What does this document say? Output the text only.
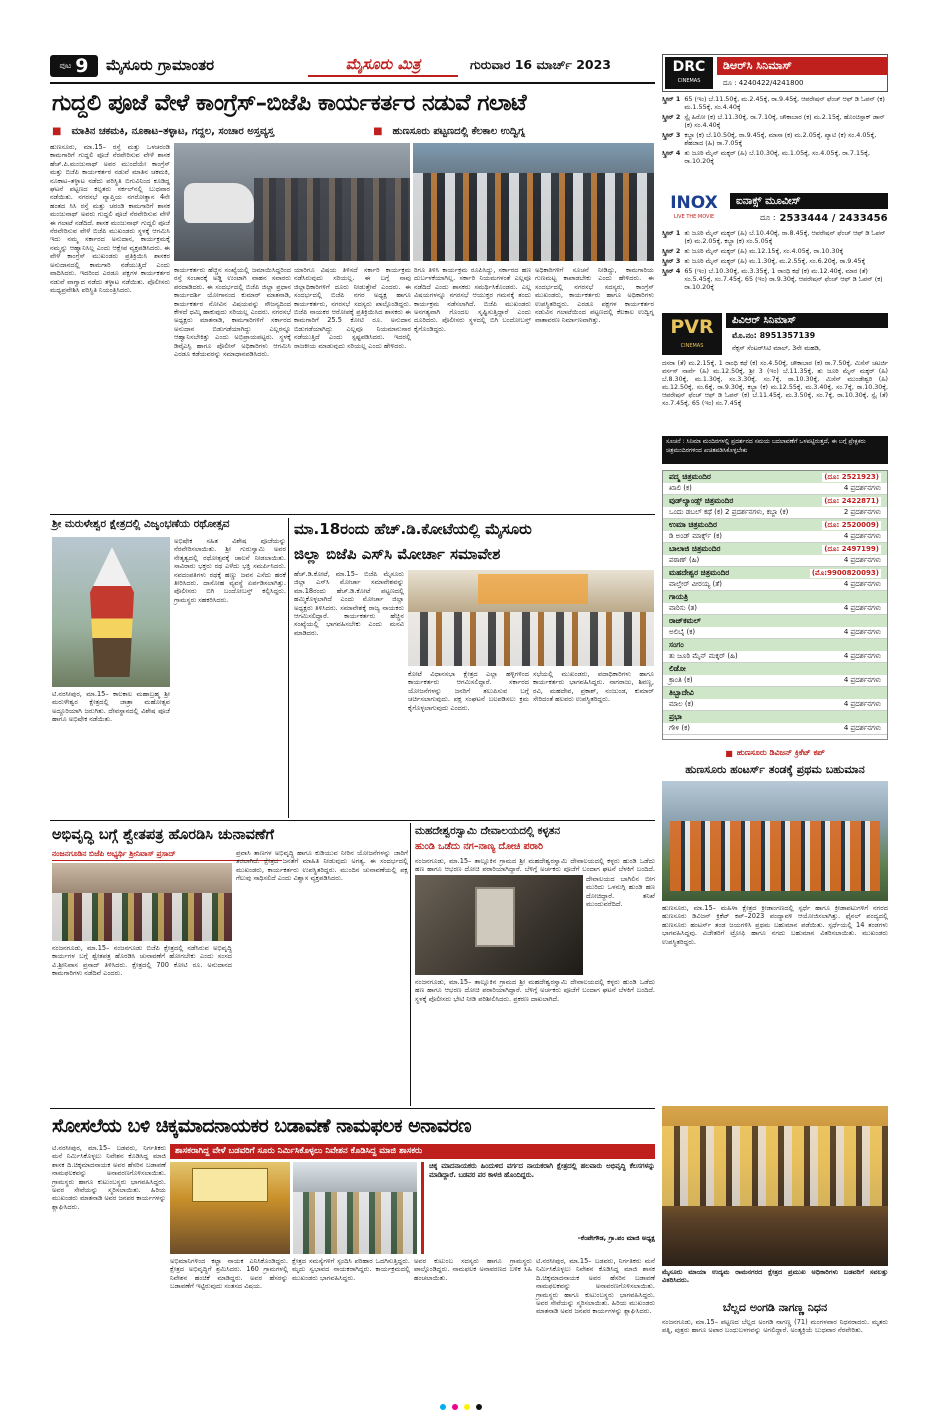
ಪುಟ 9 ಮೈಸೂರು ಗ್ರಾಮಾಂತರ	ಮೈಸೂರು ಮಿತ್ರ	ಗುರುವಾರ 16 ಮಾರ್ಚ್ 2023
ಗುದ್ದಲಿ ಪೂಜೆ ವೇಳೆ ಕಾಂಗ್ರೆಸ್–ಬಿಜೆಪಿ ಕಾರ್ಯಕರ್ತರ ನಡುವೆ ಗಲಾಟೆ
■ ಮಾತಿನ ಚಕಮಕಿ, ನೂಕಾಟ–ತಳ್ಳಾಟ, ಗದ್ದಲ, ಸಂಚಾರ ಅಸ್ತವ್ಯಸ್ತ	■ ಹುಣಸೂರು ಪಟ್ಟಣದಲ್ಲಿ ಕೆಲಕಾಲ ಉದ್ವಿಗ್ನ
ಹುಣಸೂರು, ಮಾ.15– ರಸ್ತೆ ಮತ್ತು ಒಳಚರಂಡಿ ಕಾಮಗಾರಿಗೆ ಗುದ್ದಲಿ ಪೂಜೆ ನೆರವೇರಿಸುವ ವೇಳೆ ಶಾಸಕ ಹೆಚ್.ಪಿ.ಮಂಜುನಾಥ್ ಅವರ ಮುಂದೆಯೇ ಕಾಂಗ್ರೆಸ್ ಮತ್ತು ಬಿಜೆಪಿ ಕಾರ್ಯಕರ್ತರ ನಡುವೆ ಮಾತಿನ ಚಕಮಕಿ, ನೂಕಾಟ–ತಳ್ಳಾಟ ನಡೆದು ಪರಿಸ್ಥಿತಿ ಬಿಗುವಿನಿಂದ ಕೂಡಿದ್ದ ಘಟನೆ ಪಟ್ಟಣದ ಕಲ್ಪತರು ಸರ್ಕಲ್‌ನಲ್ಲಿ ಬುಧವಾರ ನಡೆಯಿತು. ನಗರಸಭೆ ವ್ಯಾಪ್ತಿಯ ನಗರೋತ್ಥಾನ 4ನೇ ಹಂತದ ಸಿಸಿ ರಸ್ತೆ ಮತ್ತು ಚರಂಡಿ ಕಾಮಗಾರಿಗೆ ಶಾಸಕ ಮಂಜುನಾಥ್ ಅವರು ಗುದ್ದಲಿ ಪೂಜೆ ನೆರವೇರಿಸುವ ವೇಳೆ ಈ ಗಲಾಟೆ ನಡೆದಿದೆ. ಶಾಸಕ ಮಂಜುನಾಥ್ ಗುದ್ದಲಿ ಪೂಜೆ ನೆರವೇರಿಸುವ ವೇಳೆ ಬಿಜೆಪಿ ಮುಖಂಡರು ಸ್ಥಳಕ್ಕೆ ಆಗಮಿಸಿ ಇದು ನಮ್ಮ ಸರ್ಕಾರದ ಅನುದಾನ, ಕಾರ್ಯಕ್ರಮಕ್ಕೆ ನಮ್ಮನ್ನು ಆಹ್ವಾನಿಸಿಲ್ಲ ಎಂದು ಆಕ್ಷೇಪ ವ್ಯಕ್ತಪಡಿಸಿದರು. ಈ ವೇಳೆ ಕಾಂಗ್ರೆಸ್ ಮುಖಂಡರು ಪ್ರತಿಕ್ರಿಯಿಸಿ ಶಾಸಕರ ಅನುದಾನದಲ್ಲಿ ಕಾಮಗಾರಿ ನಡೆಯುತ್ತಿದೆ ಎಂದು ವಾದಿಸಿದರು. ಇದರಿಂದ ಎರಡೂ ಪಕ್ಷಗಳ ಕಾರ್ಯಕರ್ತರ ನಡುವೆ ವಾಗ್ವಾದ ನಡೆದು ತಳ್ಳಾಟ ನಡೆಯಿತು. ಪೊಲೀಸರು ಮಧ್ಯಪ್ರವೇಶಿಸಿ ಪರಿಸ್ಥಿತಿ ನಿಯಂತ್ರಿಸಿದರು.
ಕಾರ್ಯಕರ್ತರು ಹೆಚ್ಚಿನ ಸಂಖ್ಯೆಯಲ್ಲಿ ಜಮಾಯಿಸಿದ್ದರಿಂದ ರಸ್ತೆ ಸಂಚಾರಕ್ಕೆ ಅಡ್ಡಿ ಉಂಟಾಗಿ ವಾಹನ ಸವಾರರು ಪರದಾಡಿದರು. ಈ ಸಂದರ್ಭದಲ್ಲಿ ಬಿಜೆಪಿ ಜಿಲ್ಲಾ ಪ್ರಧಾನ ಕಾರ್ಯದರ್ಶಿ ಯೋಗಾನಂದ ಕುಮಾರ್ ಮಾತನಾಡಿ, ಕಾರ್ಯಕರ್ತರ ನೋವಿನ ವಿಷಯವನ್ನು ಸೌಜನ್ಯದಿಂದ ಕೇಳದೆ ಧಮ್ಕಿ ಹಾಕುವುದು ಸರಿಯಲ್ಲ ಎಂದರು. ನಗರಸಭೆ ಅಧ್ಯಕ್ಷರು ಮಾತನಾಡಿ, ಕಾಮಗಾರಿಗಳಿಗೆ ಸರ್ಕಾರದ ಅನುದಾನ ಬಿಡುಗಡೆಯಾಗಿದ್ದು ಎಲ್ಲರನ್ನೂ ಆಹ್ವಾನಿಸಬೇಕಿತ್ತು ಎಂದು ಅಭಿಪ್ರಾಯಪಟ್ಟರು. ಸ್ಥಳಕ್ಕೆ ಡಿವೈಎಸ್ಪಿ ಹಾಗೂ ಪೊಲೀಸ್ ಅಧಿಕಾರಿಗಳು ಆಗಮಿಸಿ ಎರಡೂ ಕಡೆಯವರನ್ನು ಸಮಾಧಾನಪಡಿಸಿದರು.
ಯಾರಿಗೂ ವಿಷಯ ತಿಳಿಸದೆ ಸರ್ಕಾರಿ ಕಾರ್ಯಕ್ರಮ ನಡೆಸಿರುವುದು ಸರಿಯಲ್ಲ. ಈ ಬಗ್ಗೆ ನಾವು ಜಿಲ್ಲಾಧಿಕಾರಿಗಳಿಗೆ ದೂರು ನೀಡುತ್ತೇವೆ ಎಂದರು. ಈ ಸಂದರ್ಭದಲ್ಲಿ ಬಿಜೆಪಿ ನಗರ ಅಧ್ಯಕ್ಷ ಹಾಗೂ ಕಾರ್ಯಕರ್ತರು, ನಗರಸಭೆ ಸದಸ್ಯರು ಪಾಲ್ಗೊಂಡಿದ್ದರು. ಬಿಜೆಪಿ ನಾಯಕರ ಆರೋಪಕ್ಕೆ ಪ್ರತಿಕ್ರಿಯಿಸಿದ ಶಾಸಕರು ಈ ಕಾಮಗಾರಿಗೆ 25.5 ಕೋಟಿ ರೂ. ಅನುದಾನ ಬಿಡುಗಡೆಯಾಗಿದ್ದು ಎಲ್ಲವೂ ನಿಯಮಾನುಸಾರ ನಡೆಯುತ್ತಿದೆ ಎಂದು ಸ್ಪಷ್ಟಪಡಿಸಿದರು. ಇದರಲ್ಲಿ ರಾಜಕೀಯ ಮಾಡುವುದು ಸರಿಯಲ್ಲ ಎಂದು ಹೇಳಿದರು.
ರಿಗೂ ತಿಳಿಸಿ ಕಾರ್ಯಕ್ರಮ ರೂಪಿಸಿದ್ದು, ಸರ್ಕಾರದ ಹಣ ದುರ್ಬಳಕೆಯಾಗಿಲ್ಲ. ಸರ್ಕಾರಿ ನಿಯಮಗಳಂತೆ ಎಲ್ಲವೂ ನಡೆದಿದೆ ಎಂದು ಶಾಸಕರು ಸಮರ್ಥಿಸಿಕೊಂಡರು. ಎಲ್ಲ ವಿಷಯಗಳನ್ನೂ ನಗರಸಭೆ ಆಯುಕ್ತರ ಗಮನಕ್ಕೆ ತಂದು ಕಾರ್ಯಕ್ರಮ ನಡೆಸಲಾಗಿದೆ. ಬಿಜೆಪಿ ಮುಖಂಡರು ಅನಗತ್ಯವಾಗಿ ಗೊಂದಲ ಸೃಷ್ಟಿಸುತ್ತಿದ್ದಾರೆ ಎಂದು ದೂರಿದರು. ಪೊಲೀಸರು ಸ್ಥಳದಲ್ಲಿ ಬಿಗಿ ಬಂದೋಬಸ್ತ್ ಕೈಗೊಂಡಿದ್ದರು.
ಅಧಿಕಾರಿಗಳಿಗೆ ಸೂಚನೆ ನೀಡಿದ್ದು, ಕಾಮಗಾರಿಯ ಗುಣಮಟ್ಟ ಕಾಪಾಡಬೇಕು ಎಂದು ಹೇಳಿದರು. ಈ ಸಂದರ್ಭದಲ್ಲಿ ನಗರಸಭೆ ಸದಸ್ಯರು, ಕಾಂಗ್ರೆಸ್ ಮುಖಂಡರು, ಕಾರ್ಯಕರ್ತರು ಹಾಗೂ ಅಧಿಕಾರಿಗಳು ಉಪಸ್ಥಿತರಿದ್ದರು. ಎರಡೂ ಪಕ್ಷಗಳ ಕಾರ್ಯಕರ್ತರ ನಡುವಿನ ಗಲಾಟೆಯಿಂದ ಪಟ್ಟಣದಲ್ಲಿ ಕೆಲಕಾಲ ಉದ್ವಿಗ್ನ ವಾತಾವರಣ ನಿರ್ಮಾಣವಾಗಿತ್ತು.
ಶ್ರೀ ಮರುಳೇಶ್ವರ ಕ್ಷೇತ್ರದಲ್ಲಿ ವಿಜೃಂಭಣೆಯ ರಥೋತ್ಸವ
ಟಿ.ನರಸೀಪುರ, ಮಾ.15– ಕಾಲಕಾಲ ಮಹಾಬ್ರಹ್ಮ ಶ್ರೀ ಮರುಳೇಶ್ವರ ಕ್ಷೇತ್ರದಲ್ಲಿ ಜಾತ್ರಾ ಮಹೋತ್ಸವ ಅದ್ದೂರಿಯಾಗಿ ಜರುಗಿತು. ದೇವಸ್ಥಾನದಲ್ಲಿ ವಿಶೇಷ ಪೂಜೆ ಹಾಗೂ ಅಭಿಷೇಕ ನಡೆಯಿತು.
ಅಭಿಷೇಕ ಸಹಿತ ವಿಶೇಷ ಪೂಜೆಯನ್ನು ನೆರವೇರಿಸಲಾಯಿತು. ಶ್ರೀ ಗುರುಸ್ವಾಮಿ ಅವರ ನೇತೃತ್ವದಲ್ಲಿ ರಥೋತ್ಸವಕ್ಕೆ ಚಾಲನೆ ನೀಡಲಾಯಿತು. ಸಾವಿರಾರು ಭಕ್ತರು ರಥ ಎಳೆದು ಭಕ್ತಿ ಸಮರ್ಪಿಸಿದರು. ನವದಂಪತಿಗಳು ರಥಕ್ಕೆ ಹಣ್ಣು ಜವನ ಎಸೆದು ಹರಕೆ ತೀರಿಸಿದರು. ದಾಸೋಹ ವ್ಯವಸ್ಥೆ ಏರ್ಪಡಿಸಲಾಗಿತ್ತು. ಪೊಲೀಸರು ಬಿಗಿ ಬಂದೋಬಸ್ತ್ ಕಲ್ಪಿಸಿದ್ದರು. ಗ್ರಾಮಸ್ಥರು ಸಹಕರಿಸಿದರು.
ಮಾ.18ರಂದು ಹೆಚ್.ಡಿ.ಕೋಟೆಯಲ್ಲಿ ಮೈಸೂರು
ಜಿಲ್ಲಾ ಬಿಜೆಪಿ ಎಸ್‌ಸಿ ಮೋರ್ಚಾ ಸಮಾವೇಶ
ಹೆಚ್.ಡಿ.ಕೋಟೆ, ಮಾ.15– ಬಿಜೆಪಿ ಮೈಸೂರು ಜಿಲ್ಲಾ ಎಸ್‌ಸಿ ಮೋರ್ಚಾ ಸಮಾವೇಶವನ್ನು ಮಾ.18ರಂದು ಹೆಚ್.ಡಿ.ಕೋಟೆ ಪಟ್ಟಣದಲ್ಲಿ ಹಮ್ಮಿಕೊಳ್ಳಲಾಗಿದೆ ಎಂದು ಮೋರ್ಚಾ ಜಿಲ್ಲಾ ಅಧ್ಯಕ್ಷರು ತಿಳಿಸಿದರು. ಸಮಾವೇಶಕ್ಕೆ ರಾಜ್ಯ ನಾಯಕರು ಆಗಮಿಸಲಿದ್ದಾರೆ. ಕಾರ್ಯಕರ್ತರು ಹೆಚ್ಚಿನ ಸಂಖ್ಯೆಯಲ್ಲಿ ಭಾಗವಹಿಸಬೇಕು ಎಂದು ಮನವಿ ಮಾಡಿದರು.
ಕೋಟೆ ವಿಧಾನಸಭಾ ಕ್ಷೇತ್ರದ ಎಲ್ಲಾ ಹಳ್ಳಿಗಳಿಂದ ಕಾರ್ಯಕರ್ತರು ಆಗಮಿಸಲಿದ್ದಾರೆ. ಸರ್ಕಾರದ ಯೋಜನೆಗಳನ್ನು ಜನರಿಗೆ ತಲುಪಿಸುವ ಬಗ್ಗೆ ಚರ್ಚಿಸಲಾಗುವುದು. ಪಕ್ಷ ಸಂಘಟನೆ ಬಲಪಡಿಸಲು ಕ್ರಮ ಕೈಗೊಳ್ಳಲಾಗುವುದು ಎಂದರು.
ಸಭೆಯಲ್ಲಿ ಮುಖಂಡರು, ಪದಾಧಿಕಾರಿಗಳು ಹಾಗೂ ಕಾರ್ಯಕರ್ತರು ಭಾಗವಹಿಸಿದ್ದರು. ನಾಗರಾಜು, ಶಿವಣ್ಣ, ರವಿ, ಮಹದೇವ, ಪ್ರಕಾಶ್, ನಂಜುಂಡ, ಕುಮಾರ್ ಸೇರಿದಂತೆ ಹಲವರು ಉಪಸ್ಥಿತರಿದ್ದರು.
ಅಭಿವೃದ್ಧಿ ಬಗ್ಗೆ ಶ್ವೇತಪತ್ರ ಹೊರಡಿಸಿ ಚುನಾವಣೆಗೆ
ನಂಜನಗೂಡಿನ ಬಿಜೆಪಿ ಅಭ್ಯರ್ಥಿ ಶ್ರೀನಿವಾಸ್ ಪ್ರಸಾದ್
ನಂಜನಗೂಡು, ಮಾ.15– ನಂಜನಗೂಡು ಬಿಜೆಪಿ ಕ್ಷೇತ್ರದಲ್ಲಿ ನಡೆಸಿರುವ ಅಭಿವೃದ್ಧಿ ಕಾರ್ಯಗಳ ಬಗ್ಗೆ ಶ್ವೇತಪತ್ರ ಹೊರಡಿಸಿ ಚುನಾವಣೆಗೆ ಹೋಗಬೇಕು ಎಂದು ಸಂಸದ ವಿ.ಶ್ರೀನಿವಾಸ ಪ್ರಸಾದ್ ತಿಳಿಸಿದರು. ಕ್ಷೇತ್ರದಲ್ಲಿ 700 ಕೋಟಿ ರೂ. ಅನುದಾನದ ಕಾಮಗಾರಿಗಳು ನಡೆದಿವೆ ಎಂದರು.
ಪ್ರವಾಸಿ ತಾಣಗಳ ಅಭಿವೃದ್ಧಿ ಹಾಗೂ ಕುಡಿಯುವ ನೀರಿನ ಯೋಜನೆಗಳನ್ನು ಜಾರಿಗೆ ತರಲಾಗಿದೆ. ಕ್ಷೇತ್ರದ ಜನತೆಗೆ ಮಾಹಿತಿ ನೀಡುವುದು ಅಗತ್ಯ. ಈ ಸಂದರ್ಭದಲ್ಲಿ ಮುಖಂಡರು, ಕಾರ್ಯಕರ್ತರು ಉಪಸ್ಥಿತರಿದ್ದರು. ಮುಂದಿನ ಚುನಾವಣೆಯಲ್ಲಿ ಪಕ್ಷ ಗೆಲುವು ಸಾಧಿಸಲಿದೆ ಎಂದು ವಿಶ್ವಾಸ ವ್ಯಕ್ತಪಡಿಸಿದರು.
ಮಹದೇಶ್ವರಸ್ವಾಮಿ ದೇವಾಲಯದಲ್ಲಿ ಕಳ್ಳತನ
ಹುಂಡಿ ಒಡೆದು ನಗ–ನಾಣ್ಯ ದೋಚಿ ಪರಾರಿ
ನಂಜನಗೂಡು, ಮಾ.15– ತಾಲ್ಲೂಕಿನ ಗ್ರಾಮದ ಶ್ರೀ ಮಹದೇಶ್ವರಸ್ವಾಮಿ ದೇವಾಲಯದಲ್ಲಿ ಕಳ್ಳರು ಹುಂಡಿ ಒಡೆದು ಹಣ ಹಾಗೂ ಆಭರಣ ದೋಚಿ ಪರಾರಿಯಾಗಿದ್ದಾರೆ. ಬೆಳಿಗ್ಗೆ ಅರ್ಚಕರು ಪೂಜೆಗೆ ಬಂದಾಗ ಘಟನೆ ಬೆಳಕಿಗೆ ಬಂದಿದೆ.
ದೇವಾಲಯದ ಬಾಗಿಲಿನ ಬೀಗ ಮುರಿದು ಒಳನುಗ್ಗಿ ಹುಂಡಿ ಹಣ ದೋಚಿದ್ದಾರೆ. ತನಿಖೆ ಮುಂದುವರೆದಿದೆ.
ನಂಜನಗೂಡು, ಮಾ.15– ತಾಲ್ಲೂಕಿನ ಗ್ರಾಮದ ಶ್ರೀ ಮಹದೇಶ್ವರಸ್ವಾಮಿ ದೇವಾಲಯದಲ್ಲಿ ಕಳ್ಳರು ಹುಂಡಿ ಒಡೆದು ಹಣ ಹಾಗೂ ಆಭರಣ ದೋಚಿ ಪರಾರಿಯಾಗಿದ್ದಾರೆ. ಬೆಳಿಗ್ಗೆ ಅರ್ಚಕರು ಪೂಜೆಗೆ ಬಂದಾಗ ಘಟನೆ ಬೆಳಕಿಗೆ ಬಂದಿದೆ. ಸ್ಥಳಕ್ಕೆ ಪೊಲೀಸರು ಭೇಟಿ ನೀಡಿ ಪರಿಶೀಲಿಸಿದರು. ಪ್ರಕರಣ ದಾಖಲಾಗಿದೆ.
ಸೋಸಲೆಯ ಬಳಿ ಚಿಕ್ಕಮಾದನಾಯಕರ ಬಡಾವಣೆ ನಾಮಫಲಕ ಅನಾವರಣ
ಟಿ.ನರಸೀಪುರ, ಮಾ.15– ಬಡವರು, ನಿರ್ಗತಿಕರು ಮನೆ ನಿರ್ಮಿಸಿಕೊಳ್ಳಲು ನಿವೇಶನ ಕೊಡಿಸಿದ್ದ ಮಾಜಿ ಶಾಸಕ ದಿ.ಚಿಕ್ಕಮಾದನಾಯಕ ಅವರ ಹೆಸರಿನ ಬಡಾವಣೆ ನಾಮಫಲಕವನ್ನು ಅನಾವರಣಗೊಳಿಸಲಾಯಿತು. ಗ್ರಾಮಸ್ಥರು ಹಾಗೂ ಕುಟುಂಬಸ್ಥರು ಭಾಗವಹಿಸಿದ್ದರು. ಅವರ ಸೇವೆಯನ್ನು ಸ್ಮರಿಸಲಾಯಿತು. ಹಿರಿಯ ಮುಖಂಡರು ಮಾತನಾಡಿ ಅವರ ಜನಪರ ಕಾರ್ಯಗಳನ್ನು ಶ್ಲಾಘಿಸಿದರು.
ಶಾಸಕರಾಗಿದ್ದ ವೇಳೆ ಬಡವರಿಗೆ ಸೂರು ನಿರ್ಮಿಸಿಕೊಳ್ಳಲು ನಿವೇಶನ ಕೊಡಿಸಿದ್ದ ಮಾಜಿ ಶಾಸಕರು
ಚಿಕ್ಕ ಮಾದನಾಯಕರು ಹಿಂದುಳಿದ ವರ್ಗದ ನಾಯಕರಾಗಿ ಕ್ಷೇತ್ರದಲ್ಲಿ ಹಲವಾರು ಅಭಿವೃದ್ಧಿ ಕೆಲಸಗಳನ್ನು ಮಾಡಿದ್ದಾರೆ. ಬಡವರ ಪರ ಕಾಳಜಿ ಹೊಂದಿದ್ದರು.
–ಕೆಂಪೇಗೌಡ, ಗ್ರಾ.ಪಂ ಮಾಜಿ ಅಧ್ಯಕ್ಷ
ಅಭಿಮಾನಿಗಳಿಂದ ಕಟ್ಟಾ ನಾಯಕ ಎನಿಸಿಕೊಂಡಿದ್ದರು. ಕ್ಷೇತ್ರದ ಅಭಿವೃದ್ಧಿಗೆ ಶ್ರಮಿಸಿದರು. 160 ಗ್ರಾಮಗಳಲ್ಲಿ ನಿವೇಶನ ಹಂಚಿಕೆ ಮಾಡಿದ್ದರು. ಅವರ ಹೆಸರನ್ನು ಬಡಾವಣೆಗೆ ಇಟ್ಟಿರುವುದು ಸಂತಸದ ವಿಷಯ.
ಕ್ಷೇತ್ರದ ಸಮಸ್ಯೆಗಳಿಗೆ ಸ್ಪಂದಿಸಿ ಪರಿಹಾರ ಒದಗಿಸುತ್ತಿದ್ದರು. ಮೃದು ಸ್ವಭಾವದ ನಾಯಕರಾಗಿದ್ದರು. ಕಾರ್ಯಕ್ರಮದಲ್ಲಿ ಮುಖಂಡರು ಭಾಗವಹಿಸಿದ್ದರು.
ಅವರ ಕುಟುಂಬ ಸದಸ್ಯರು ಹಾಗೂ ಗ್ರಾಮಸ್ಥರು ಪಾಲ್ಗೊಂಡಿದ್ದರು. ನಾಮಫಲಕ ಅನಾವರಣದ ಬಳಿಕ ಸಿಹಿ ಹಂಚಲಾಯಿತು.
ಟಿ.ನರಸೀಪುರ, ಮಾ.15– ಬಡವರು, ನಿರ್ಗತಿಕರು ಮನೆ ನಿರ್ಮಿಸಿಕೊಳ್ಳಲು ನಿವೇಶನ ಕೊಡಿಸಿದ್ದ ಮಾಜಿ ಶಾಸಕ ದಿ.ಚಿಕ್ಕಮಾದನಾಯಕ ಅವರ ಹೆಸರಿನ ಬಡಾವಣೆ ನಾಮಫಲಕವನ್ನು ಅನಾವರಣಗೊಳಿಸಲಾಯಿತು. ಗ್ರಾಮಸ್ಥರು ಹಾಗೂ ಕುಟುಂಬಸ್ಥರು ಭಾಗವಹಿಸಿದ್ದರು. ಅವರ ಸೇವೆಯನ್ನು ಸ್ಮರಿಸಲಾಯಿತು. ಹಿರಿಯ ಮುಖಂಡರು ಮಾತನಾಡಿ ಅವರ ಜನಪರ ಕಾರ್ಯಗಳನ್ನು ಶ್ಲಾಘಿಸಿದರು.
DRC
CINEMAS
ಡಿಆರ್‌ಸಿ ಸಿನಿಮಾಸ್
ದೂ : 4240422/4241800
ಸ್ಕ್ರೀನ್ 1 65 (ಇಂ) ಬೆ.11.50ಕ್ಕೆ, ಮ.2.45ಕ್ಕೆ, ರಾ.9.45ಕ್ಕೆ, ಆಪರೇಷನ್ ಫೆಂಚ್ ಆಫ್ ಡಿ ಓಪನ್ (ಕ) ಮ.1.55ಕ್ಕೆ, ಸಂ.4.40ಕ್ಕೆ
ಸ್ಕ್ರೀನ್ 2 ಸ್ಪೈ ಹಿರೋ (ಕ) ಬೆ.11.30ಕ್ಕೆ, ರಾ.7.10ಕ್ಕೆ, ಚೌಕಾಬಾರ (ಕ) ಮ.2.15ಕ್ಕೆ, ಹೊಂಚಿಸ್ಪಾಕ್ ಡಾನ್ (ಕ) ಸಂ.4.40ಕ್ಕೆ
ಸ್ಕ್ರೀನ್ 3 ಕಬ್ಜಾ (ಕ) ಬೆ.10.50ಕ್ಕೆ, ರಾ.9.45ಕ್ಕೆ, ಮಾಸಾ (ಕ) ಮ.2.05ಕ್ಕೆ, ಪ್ಯಾಟಿ (ಕ) ಸಂ.4.05ಕ್ಕೆ, ಶೆಹಜಾದ (ಹಿ) ರಾ.7.05ಕ್ಕೆ
ಸ್ಕ್ರೀನ್ 4 ತು ಜೂಠಿ ಮೈನ್ ಮಕ್ಕರ್ (ಹಿ) ಬೆ.10.30ಕ್ಕೆ, ಮ.1.05ಕ್ಕೆ, ಸಂ.4.05ಕ್ಕೆ, ರಾ.7.15ಕ್ಕೆ, ರಾ.10.20ಕ್ಕೆ
INOX
LIVE THE MOVIE
ಐನಾಕ್ಸ್ ಮೂವೀಸ್
ದೂ : 2533444 / 2433456
ಸ್ಕ್ರೀನ್ 1 ತು ಜೂಠಿ ಮೈನ್ ಮಕ್ಕರ್ (ಹಿ) ಬೆ.10.40ಕ್ಕೆ, ರಾ.8.45ಕ್ಕೆ, ಆಪರೇಷನ್ ಫೆಂಚ್ ಆಫ್ ಡಿ ಓಪನ್ (ಕ) ಮ.2.05ಕ್ಕೆ, ಕಬ್ಜಾ (ಕ) ಸಂ.5.05ಕ್ಕೆ
ಸ್ಕ್ರೀನ್ 2 ತು ಜೂಠಿ ಮೈನ್ ಮಕ್ಕರ್ (ಹಿ) ಮ.12.15ಕ್ಕೆ, ಸಂ.4.05ಕ್ಕೆ, ರಾ.10.30ಕ್ಕೆ
ಸ್ಕ್ರೀನ್ 3 ತು ಜೂಠಿ ಮೈನ್ ಮಕ್ಕರ್ (ಹಿ) ಮ.1.30ಕ್ಕೆ, ಮ.2.55ಕ್ಕೆ, ಸಂ.6.20ಕ್ಕೆ, ರಾ.9.45ಕ್ಕೆ
ಸ್ಕ್ರೀನ್ 4 65 (ಇಂ) ಬೆ.10.30ಕ್ಕೆ, ಮ.3.35ಕ್ಕೆ, 1 ರಾಂಧಿ ಕಥೆ (ಕ) ಮ.12.40ಕ್ಕೆ, ಮಾರ (ತೆ) ಸಂ.5.45ಕ್ಕೆ, ಸಂ.7.45ಕ್ಕೆ, 65 (ಇಂ) ರಾ.9.30ಕ್ಕೆ, ಆಪರೇಷನ್ ಫೆಂಚ್ ಆಫ್ ಡಿ ಓಪನ್ (ಕ) ರಾ.10.20ಕ್ಕೆ
PVR
CINEMAS
ಪಿವಿಆರ್ ಸಿನಿಮಾಸ್
ಮೊ.ನಂ: 8951357139
ನೆಕ್ಸಸ್ ಸೆಂಟರ್‌ಸಿಟಿ ಮಾಲ್, 3ನೇ ಮಹಡಿ,
ದಸರಾ (ತೆ) ಮ.2.15ಕ್ಕೆ, 1 ರಾಂಧಿ ಕಥೆ (ಕ) ಸಂ.4.50ಕ್ಕೆ, ಚೌಕಾಬಾರ (ಕ) ರಾ.7.50ಕ್ಕೆ, ಮಿಸೆಸ್ ಚಟರ್ಜಿ ವರ್ಸಸ್ ನಾರ್ವೆ (ಹಿ) ಮ.12.50ಕ್ಕೆ, ಶ್ರೀ 3 (ಇಂ) ಬೆ.11.35ಕ್ಕೆ, ತು ಜೂಠಿ ಮೈನ್ ಮಕ್ಕರ್ (ಹಿ) ಬೆ.8.30ಕ್ಕೆ, ಮ.1.30ಕ್ಕೆ, ಸಂ.3.30ಕ್ಕೆ, ಸಂ.7ಕ್ಕೆ, ರಾ.10.30ಕ್ಕೆ, ಮಿಸೆಸ್ ಮುಂಡೇಶ್ವರಿ (ಹಿ) ಮ.12.50ಕ್ಕೆ, ಸಂ.6ಕ್ಕೆ, ರಾ.9.30ಕ್ಕೆ, ಕಬ್ಜಾ (ಕ) ಮ.12.55ಕ್ಕೆ, ಮ.3.40ಕ್ಕೆ, ಸಂ.7ಕ್ಕೆ, ರಾ.10.30ಕ್ಕೆ, ಆಪರೇಷನ್ ಫೆಂಚ್ ಆಫ್ ಡಿ ಓಪನ್ (ಕ) ಬೆ.11.45ಕ್ಕೆ, ಮ.3.50ಕ್ಕೆ, ಸಂ.7ಕ್ಕೆ, ರಾ.10.30ಕ್ಕೆ, ಸ್ಪೈ (ತೆ) ಸಂ.7.45ಕ್ಕೆ, 65 (ಇಂ) ಸಂ.7.45ಕ್ಕೆ
ಸೂಚನೆ : ಸಿನಿಮಾ ಮಂದಿರಗಳಲ್ಲಿ ಪ್ರದರ್ಶನದ ಸಮಯ ಬದಲಾವಣೆಗೆ ಒಳಪಟ್ಟಿರುತ್ತದೆ, ಈ ಬಗ್ಗೆ ಪ್ರೇಕ್ಷಕರು ಚಿತ್ರಮಂದಿರಗಳಿಂದ ಖಚಿತಪಡಿಸಿಕೊಳ್ಳಬೇಕು
ಪದ್ಮ ಚಿತ್ರಮಂದಿರ	(ದೂ: 2521923)
ಖಾಲಿ (ಕ)	4 ಪ್ರದರ್ಶನಗಳು
ವುಡ್‌ಲ್ಯಾಂಡ್ಸ್ ಚಿತ್ರಮಂದಿರ	(ದೂ: 2422871)
ಒಂದು ಡಬಲ್ ಕಥೆ (ಕ) 2 ಪ್ರದರ್ಶನಗಳು, ಕಬ್ಜಾ (ಕ)	2 ಪ್ರದರ್ಶನಗಳು
ಉಮಾ ಚಿತ್ರಮಂದಿರ	(ದೂ: 2520009)
ಡಿ ಅಂಡ್ ಮಾರ್ಕ್ಸ್ (ಕ)	4 ಪ್ರದರ್ಶನಗಳು
ಬಾಲಾಜಿ ಚಿತ್ರಮಂದಿರ	(ದೂ: 2497199)
ಪಠಾಣ್ (ಹಿ)	4 ಪ್ರದರ್ಶನಗಳು
ಮಹದೇಶ್ವರ ಚಿತ್ರಮಂದಿರ	(ಮೊ:9900820093)
ವಾಲ್ತೇರ್ ವೀರಯ್ಯ (ತೆ)	4 ಪ್ರದರ್ಶನಗಳು
ಗಾಯತ್ರಿ
ವಾರಿಸು (ತ)	4 ಪ್ರದರ್ಶನಗಳು
ರಾಜ್‌ಕಮಲ್
ಅಲಿಬೈ (ಕ)	4 ಪ್ರದರ್ಶನಗಳು
ಸಂಗಂ
ತು ಜೂಠಿ ಮೈನ್ ಮಕ್ಕರ್ (ಹಿ)	4 ಪ್ರದರ್ಶನಗಳು
ಲಿಡೋ
ಕ್ರಾಂತಿ (ಕ)	4 ಪ್ರದರ್ಶನಗಳು
ತಿಬ್ಬಾದೇವಿ
ಮಾಲ (ಕ)	4 ಪ್ರದರ್ಶನಗಳು
ಪ್ರಭಾ
ಗೌಳಿ (ಕ)	4 ಪ್ರದರ್ಶನಗಳು
■ ಹುಣಸೂರು ಡಿವಿಜನ್ ಕ್ರಿಕೆಟ್ ಕಪ್
ಹುಣಸೂರು ಹಂಟರ್ಸ್ ತಂಡಕ್ಕೆ ಪ್ರಥಮ ಬಹುಮಾನ
ಹುಣಸೂರು, ಮಾ.15– ಮಹಿಳಾ ಕ್ಷೇತ್ರದ ಕ್ರೀಡಾಂಗಣದಲ್ಲಿ ಸ್ಪರ್ಧೆ ಹಾಗೂ ಕ್ರೀಡಾಪಟುಗಳಿಗೆ ನಗರದ ಹುಣಸೂರು ಡಿವಿಜನ್ ಕ್ರಿಕೆಟ್ ಕಪ್–2023 ಪಂದ್ಯಾವಳಿ ಆಯೋಜಿಸಲಾಗಿತ್ತು. ಫೈನಲ್ ಪಂದ್ಯದಲ್ಲಿ ಹುಣಸೂರು ಹಂಟರ್ಸ್ ತಂಡ ಜಯಗಳಿಸಿ ಪ್ರಥಮ ಬಹುಮಾನ ಪಡೆಯಿತು. ಸ್ಪರ್ಧೆಯಲ್ಲಿ 14 ತಂಡಗಳು ಭಾಗವಹಿಸಿದ್ದವು. ವಿಜೇತರಿಗೆ ಟ್ರೋಫಿ ಹಾಗೂ ನಗದು ಬಹುಮಾನ ವಿತರಿಸಲಾಯಿತು. ಮುಖಂಡರು ಉಪಸ್ಥಿತರಿದ್ದರು.
ಮೈಸೂರು ಮಾಯಾ ಉದ್ಯಮ ರಾಮನಗರದ ಕ್ಷೇತ್ರದ ಪ್ರಮುಖ ಅಧಿಕಾರಿಗಳು ಬಡವರಿಗೆ ಸವಲತ್ತು ವಿತರಿಸಿದರು.
ಬೆಲ್ಲದ ಅಂಗಡಿ ನಾಗಣ್ಣ ನಿಧನ
ನಂಜನಗೂಡು, ಮಾ.15– ಪಟ್ಟಣದ ಬೆಲ್ಲದ ಅಂಗಡಿ ನಾಗಣ್ಣ (71) ಮಂಗಳವಾರ ನಿಧನರಾದರು. ಮೃತರು ಪತ್ನಿ, ಪುತ್ರರು ಹಾಗೂ ಅಪಾರ ಬಂಧುಬಳಗವನ್ನು ಅಗಲಿದ್ದಾರೆ. ಅಂತ್ಯಕ್ರಿಯೆ ಬುಧವಾರ ನೆರವೇರಿತು.
